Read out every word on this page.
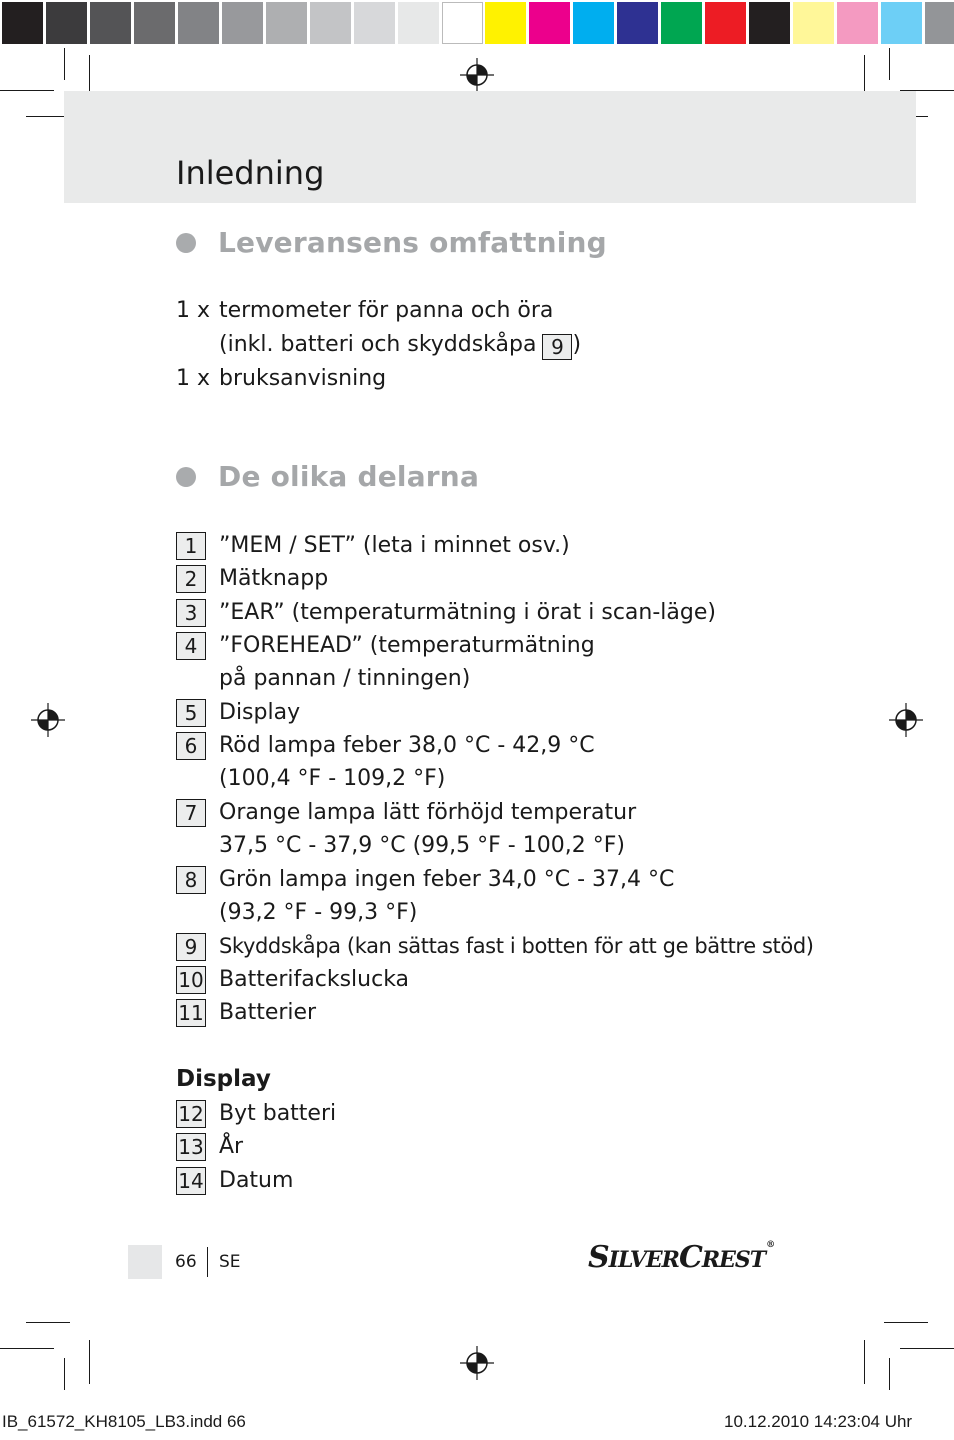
Inledning
Leveransens omfattning
1 x termometer för panna och öra
(inkl. batteri och skyddskåpa 9 )
1 x bruksanvisning
De olika delarna
1 ”MEM / SET” (leta i minnet osv.)
2 Mätknapp
3 ”EAR” (temperaturmätning i örat i scan-läge)
4 ”FOREHEAD” (temperaturmätning
på pannan / tinningen)
5 Display
6 Röd lampa feber 38,0 °C - 42,9 °C
(100,4 °F - 109,2 °F)
7 Orange lampa lätt förhöjd temperatur
37,5 °C - 37,9 °C (99,5 °F - 100,2 °F)
8 Grön lampa ingen feber 34,0 °C - 37,4 °C
(93,2 °F - 99,3 °F)
9	Skyddskåpa (kan sättas fast i botten för att ge bättre stöd)
10 Batterifackslucka
11 Batterier
Display
12 Byt batteri
13 År
14 Datum
66 SE	SILVERCREST®
IB_61572_KH8105_LB3.indd 66	10.12.2010 14:23:04 Uhr
